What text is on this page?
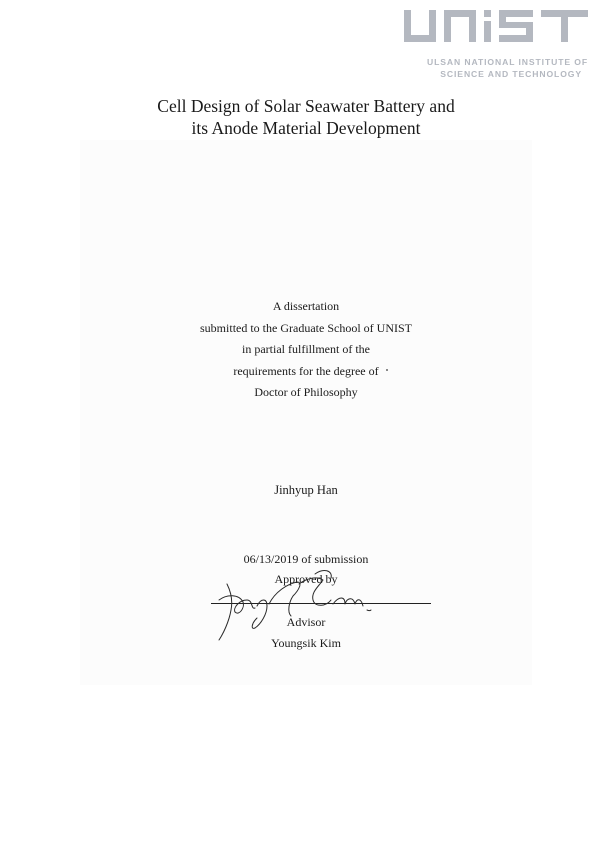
ULSAN NATIONAL INSTITUTE OF
SCIENCE AND TECHNOLOGY
Cell Design of Solar Seawater Battery and
its Anode Material Development
A dissertation
submitted to the Graduate School of UNIST
in partial fulfillment of the
requirements for the degree of
Doctor of Philosophy
Jinhyup Han
06/13/2019 of submission
Approved by
Advisor
Youngsik Kim
